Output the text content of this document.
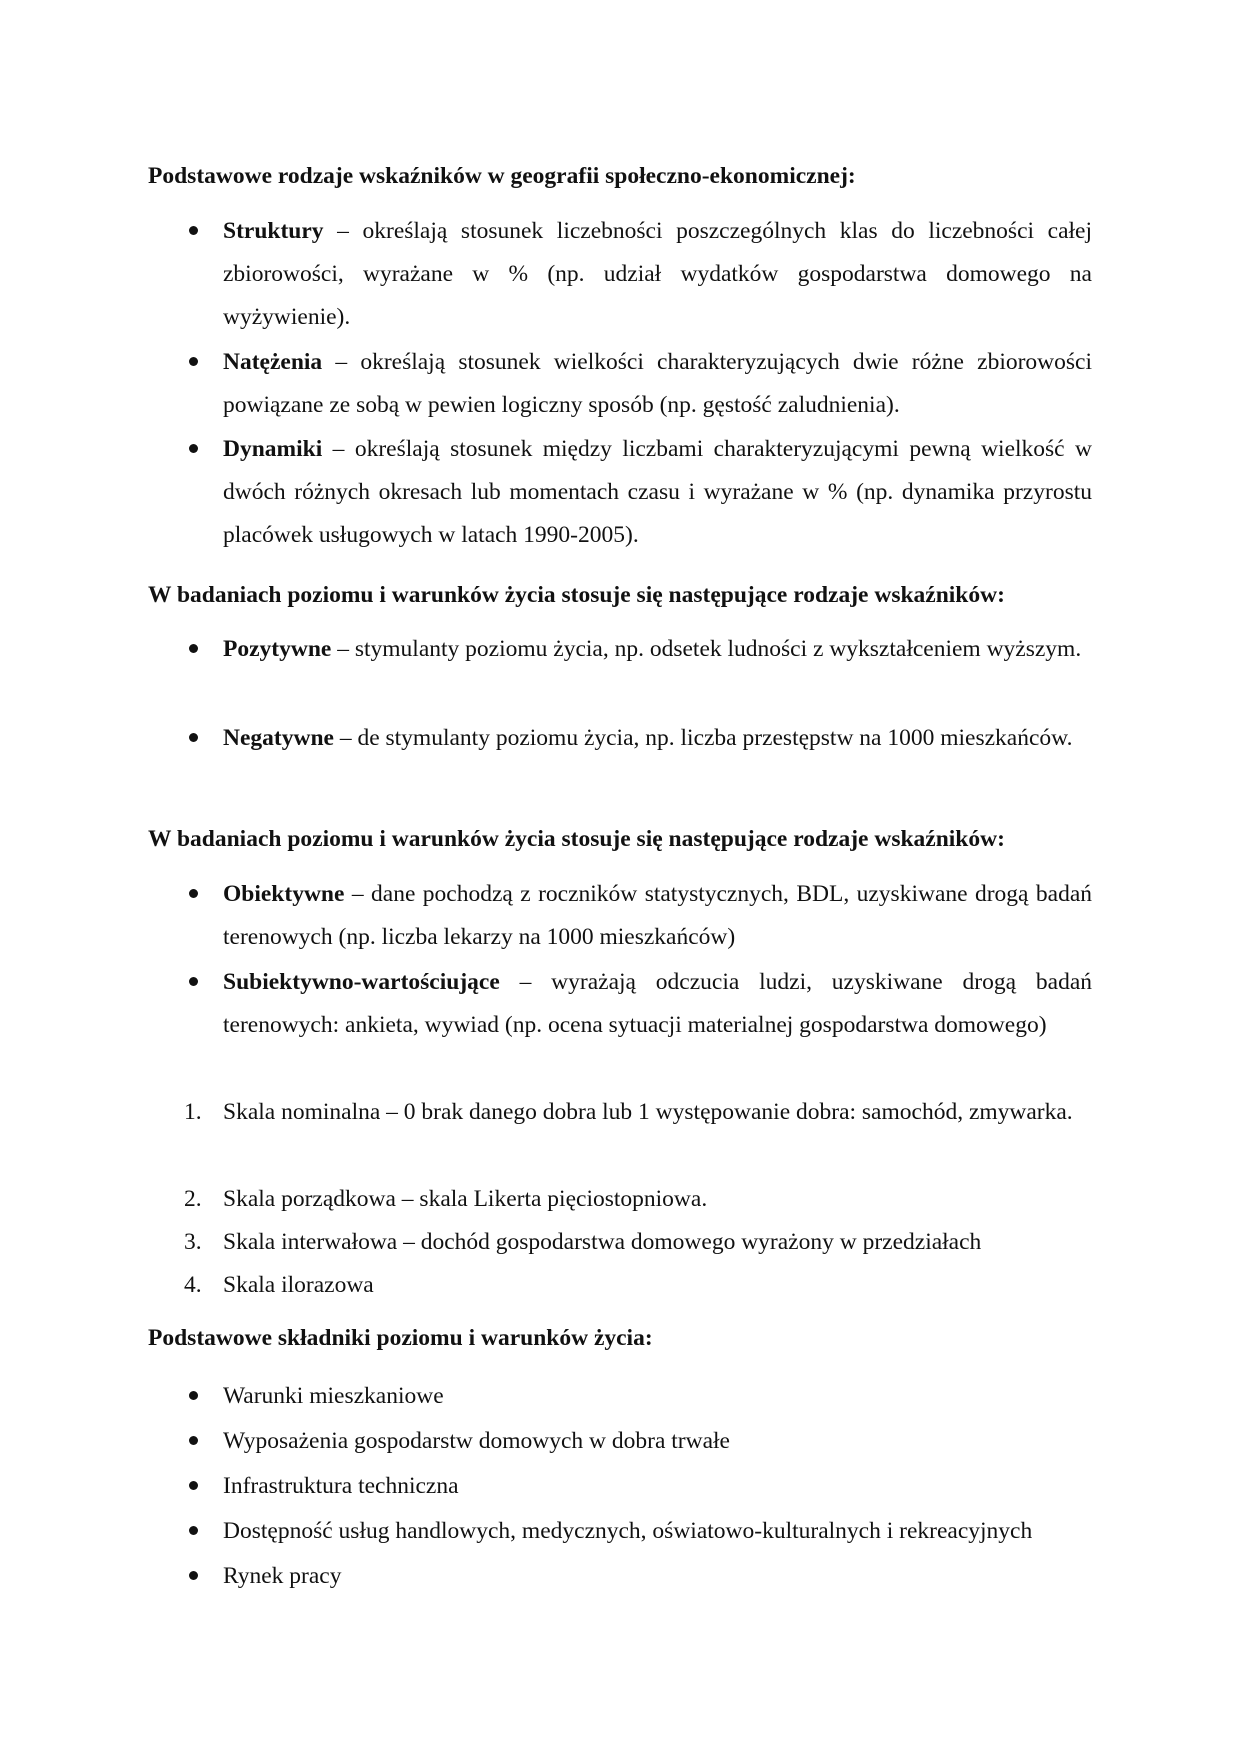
Podstawowe rodzaje wskaźników w geografii społeczno-ekonomicznej:
Struktury – określają stosunek liczebności poszczególnych klas do liczebności całej zbiorowości, wyrażane w % (np. udział wydatków gospodarstwa domowego na wyżywienie).
Natężenia – określają stosunek wielkości charakteryzujących dwie różne zbiorowości powiązane ze sobą w pewien logiczny sposób (np. gęstość zaludnienia).
Dynamiki – określają stosunek między liczbami charakteryzującymi pewną wielkość w dwóch różnych okresach lub momentach czasu i wyrażane w % (np. dynamika przyrostu placówek usługowych w latach 1990-2005).
W badaniach poziomu i warunków życia stosuje się następujące rodzaje wskaźników:
Pozytywne – stymulanty poziomu życia, np. odsetek ludności z wykształceniem wyższym.
Negatywne – de stymulanty poziomu życia, np. liczba przestępstw na 1000 mieszkańców.
W badaniach poziomu i warunków życia stosuje się następujące rodzaje wskaźników:
Obiektywne – dane pochodzą z roczników statystycznych, BDL, uzyskiwane drogą badań terenowych (np. liczba lekarzy na 1000 mieszkańców)
Subiektywno-wartościujące – wyrażają odczucia ludzi, uzyskiwane drogą badań terenowych: ankieta, wywiad (np. ocena sytuacji materialnej gospodarstwa domowego)
1. Skala nominalna – 0 brak danego dobra lub 1 występowanie dobra: samochód, zmywarka.
2. Skala porządkowa – skala Likerta pięciostopniowa.
3. Skala interwałowa – dochód gospodarstwa domowego wyrażony w przedziałach
4. Skala ilorazowa
Podstawowe składniki poziomu i warunków życia:
Warunki mieszkaniowe
Wyposażenia gospodarstw domowych w dobra trwałe
Infrastruktura techniczna
Dostępność usług handlowych, medycznych, oświatowo-kulturalnych i rekreacyjnych
Rynek pracy
